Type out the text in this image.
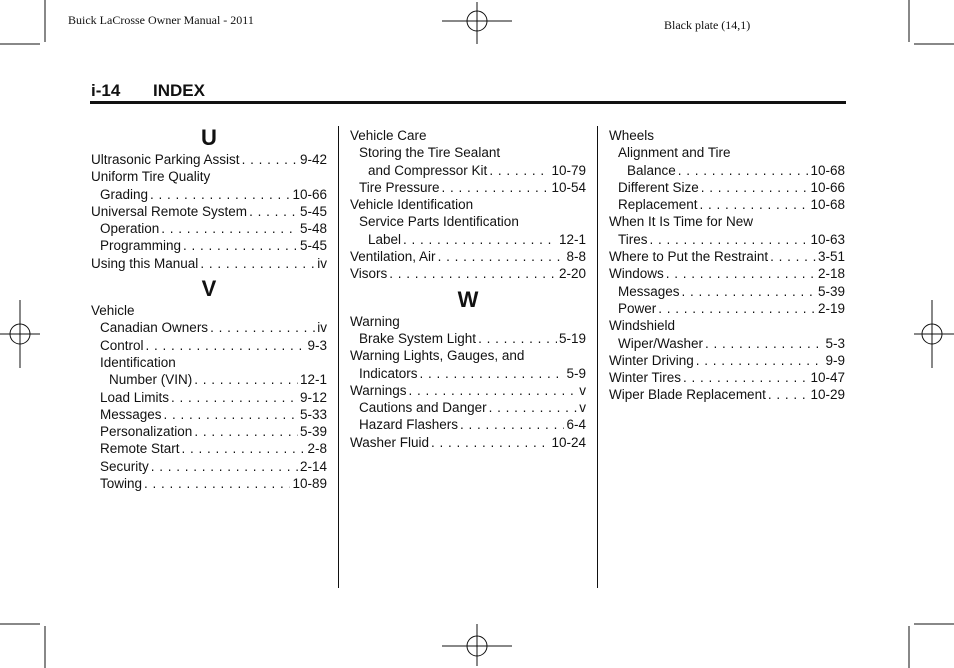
Buick LaCrosse Owner Manual - 2011	Black plate (14,1)
i-14 INDEX
U
Ultrasonic Parking Assist . . .	9-42
Uniform Tire Quality
Grading . . .	10-66
Universal Remote System . . .	5-45
Operation . . .	5-48
Programming . . .	5-45
Using this Manual . . .	iv
V
Vehicle
Canadian Owners . . .	iv
Control . . .	9-3
Identification
Number (VIN) . . .	12-1
Load Limits . . .	9-12
Messages . . .	5-33
Personalization . . .	5-39
Remote Start . . .	2-8
Security . . .	2-14
Towing . . .	10-89
Vehicle Care
Storing the Tire Sealant
and Compressor Kit . . .	10-79
Tire Pressure . . .	10-54
Vehicle Identification
Service Parts Identification
Label . . .	12-1
Ventilation, Air . . .	8-8
Visors . . .	2-20
W
Warning
Brake System Light . . .	5-19
Warning Lights, Gauges, and
Indicators . . .	5-9
Warnings . . .	v
Cautions and Danger . . .	v
Hazard Flashers . . .	6-4
Washer Fluid . . .	10-24
Wheels
Alignment and Tire
Balance . . .	10-68
Different Size . . .	10-66
Replacement . . .	10-68
When It Is Time for New
Tires . . .	10-63
Where to Put the Restraint . . .	3-51
Windows . . .	2-18
Messages . . .	5-39
Power . . .	2-19
Windshield
Wiper/Washer . . .	5-3
Winter Driving . . .	9-9
Winter Tires . . .	10-47
Wiper Blade Replacement . . .	10-29
